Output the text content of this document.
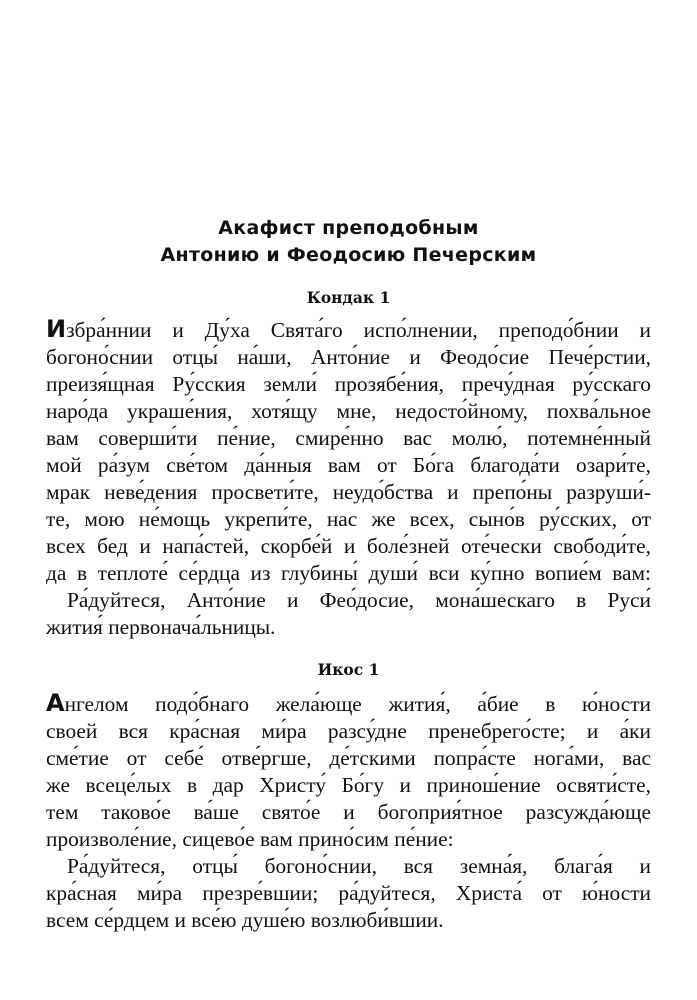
Акафист преподобным
Антонию и Феодосию Печерским
Кондак 1
Избра́ннии и Ду́ха Свята́го испо́лнении, преподо́бнии и
богоно́снии отцы́ на́ши, Анто́ние и Феодо́сие Пече́рстии,
преизя́щная Ру́сския земли́ прозябе́ния, пречу́дная ру́сскаго
наро́да украше́ния, хотя́щу мне, недосто́йному, похва́льное
вам соверши́ти пе́ние, смире́нно вас молю́, потемне́нный
мой ра́зум све́том да́нныя вам от Бо́га благода́ти озари́те,
мрак неве́дения просвети́те, неудо́бства и препо́ны разруши́-
те, мою не́мощь укрепи́те, нас же всех, сыно́в ру́сских, от
всех бед и напа́стей, скорбе́й и боле́зней оте́чески свободи́те,
да в теплоте́ се́рдца из глубины́ души́ вси ку́пно вопие́м вам:
Ра́дуйтеся, Анто́ние и Фео́досие, мона́шескаго в Руси́
жития́ первонача́льницы.
Икос 1
Ангелом подо́бнаго жела́юще жития́, а́бие в ю́ности
своей вся кра́сная ми́ра разсу́дне пренебрего́сте; и а́ки
сме́тие от себе́ отве́ргше, де́тскими попра́сте нога́ми, вас
же всеце́лых в дар Христу́ Бо́гу и принош́ение освяти́сте,
тем таково́е ва́ше свято́е и богоприя́тное разсужда́юще
произволе́ние, сицево́е вам прино́сим пе́ние:
Ра́дуйтеся, отцы́ богоно́снии, вся земна́я, блага́я и
кра́сная ми́ра презре́вшии; ра́дуйтеся, Христа́ от ю́ности
всем се́рдцем и все́ю душе́ю возлюби́вшии.
